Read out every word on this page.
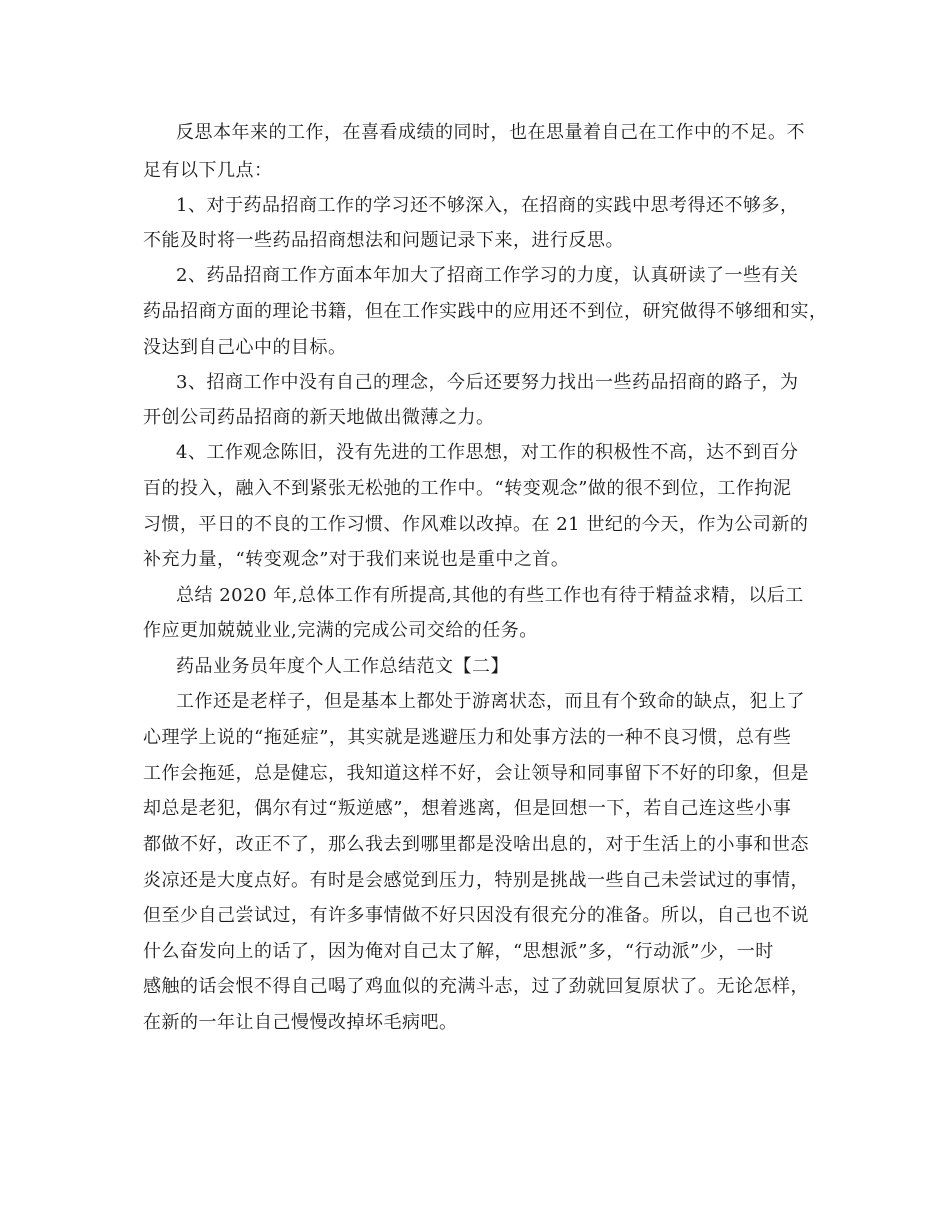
反思本年来的工作，在喜看成绩的同时，也在思量着自己在工作中的不足。不

足有以下几点：

1、对于药品招商工作的学习还不够深入，在招商的实践中思考得还不够多，

不能及时将一些药品招商想法和问题记录下来，进行反思。

2、药品招商工作方面本年加大了招商工作学习的力度，认真研读了一些有关

药品招商方面的理论书籍，但在工作实践中的应用还不到位，研究做得不够细和实，

没达到自己心中的目标。

3、招商工作中没有自己的理念，今后还要努力找出一些药品招商的路子，为

开创公司药品招商的新天地做出微薄之力。

4、工作观念陈旧，没有先进的工作思想，对工作的积极性不高，达不到百分

百的投入，融入不到紧张无松弛的工作中。“转变观念”做的很不到位，工作拘泥

习惯，平日的不良的工作习惯、作风难以改掉。在 21 世纪的今天，作为公司新的

补充力量，“转变观念”对于我们来说也是重中之首。

总结 2020 年,总体工作有所提高,其他的有些工作也有待于精益求精，以后工

作应更加兢兢业业,完满的完成公司交给的任务。

药品业务员年度个人工作总结范文【二】

工作还是老样子，但是基本上都处于游离状态，而且有个致命的缺点，犯上了

心理学上说的“拖延症”，其实就是逃避压力和处事方法的一种不良习惯，总有些

工作会拖延，总是健忘，我知道这样不好，会让领导和同事留下不好的印象，但是

却总是老犯，偶尔有过“叛逆感”，想着逃离，但是回想一下，若自己连这些小事

都做不好，改正不了，那么我去到哪里都是没啥出息的，对于生活上的小事和世态

炎凉还是大度点好。有时是会感觉到压力，特别是挑战一些自己未尝试过的事情，

但至少自己尝试过，有许多事情做不好只因没有很充分的准备。所以，自己也不说

什么奋发向上的话了，因为俺对自己太了解，“思想派”多，“行动派”少，一时

感触的话会恨不得自己喝了鸡血似的充满斗志，过了劲就回复原状了。无论怎样，

在新的一年让自己慢慢改掉坏毛病吧。
